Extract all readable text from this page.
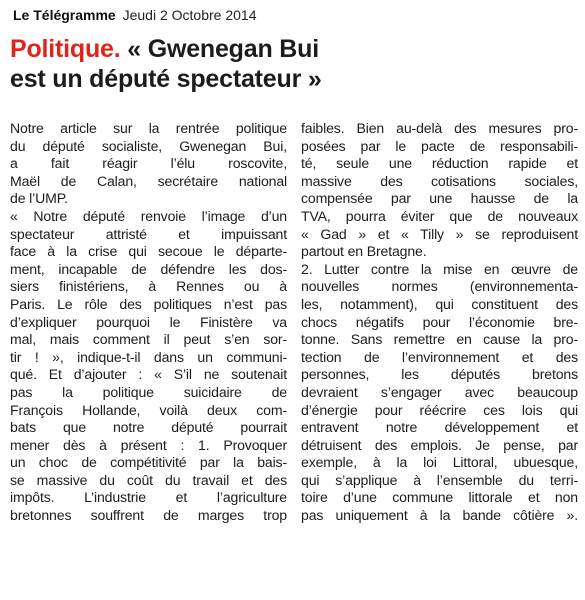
Le Télégramme Jeudi 2 Octobre 2014
Politique. « Gwenegan Bui
est un député spectateur »
Notre article sur la rentrée politique
du député socialiste, Gwenegan Bui,
a fait réagir l’élu roscovite,
Maël de Calan, secrétaire national
de l’UMP.
« Notre député renvoie l’image d’un
spectateur attristé et impuissant
face à la crise qui secoue le départe-
ment, incapable de défendre les dos-
siers finistériens, à Rennes ou à
Paris. Le rôle des politiques n’est pas
d’expliquer pourquoi le Finistère va
mal, mais comment il peut s’en sor-
tir ! », indique-t-il dans un communi-
qué. Et d’ajouter : « S’il ne soutenait
pas la politique suicidaire de
François Hollande, voilà deux com-
bats que notre député pourrait
mener dès à présent : 1. Provoquer
un choc de compétitivité par la bais-
se massive du coût du travail et des
impôts. L’industrie et l’agriculture
bretonnes souffrent de marges trop
faibles. Bien au-delà des mesures pro-
posées par le pacte de responsabili-
té, seule une réduction rapide et
massive des cotisations sociales,
compensée par une hausse de la
TVA, pourra éviter que de nouveaux
« Gad » et « Tilly » se reproduisent
partout en Bretagne.
2. Lutter contre la mise en œuvre de
nouvelles normes (environnementa-
les, notamment), qui constituent des
chocs négatifs pour l’économie bre-
tonne. Sans remettre en cause la pro-
tection de l’environnement et des
personnes, les députés bretons
devraient s’engager avec beaucoup
d’énergie pour réécrire ces lois qui
entravent notre développement et
détruisent des emplois. Je pense, par
exemple, à la loi Littoral, ubuesque,
qui s’applique à l’ensemble du terri-
toire d’une commune littorale et non
pas uniquement à la bande côtière ».
